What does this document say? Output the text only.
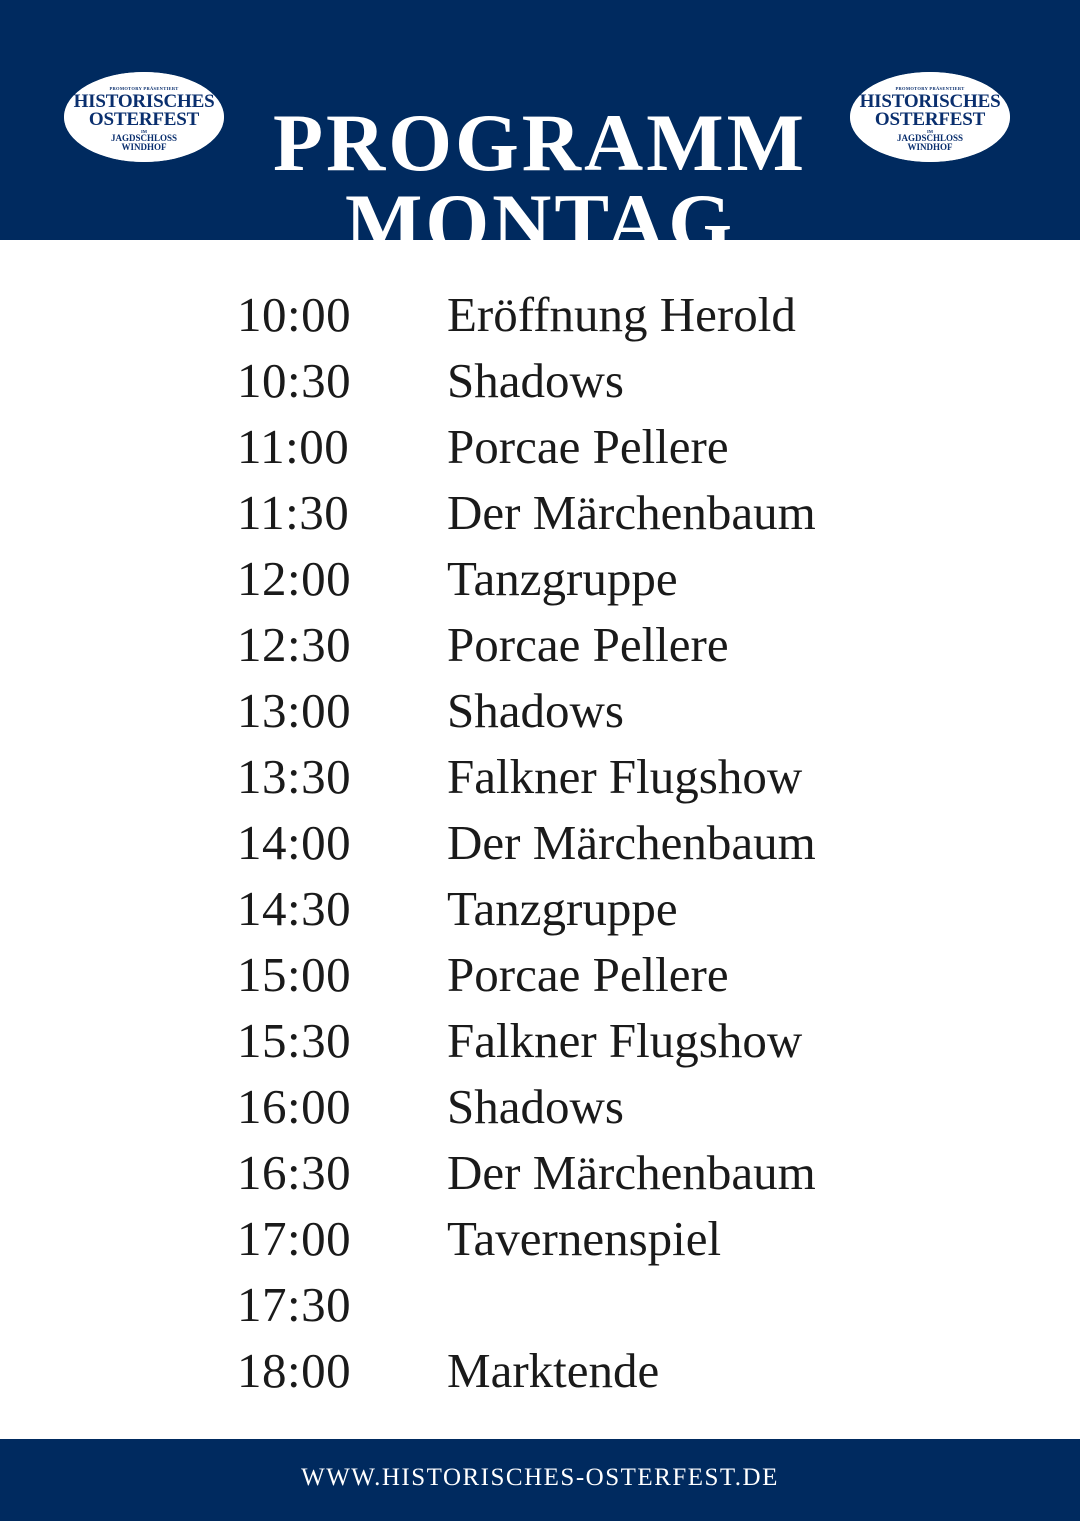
PROMOTORY PRÄSENTIERT
HISTORISCHES
OSTERFEST
IM
JAGDSCHLOSS
WINDHOF	PROGRAMM
MONTAG
PROMOTORY PRÄSENTIERT
HISTORISCHES
OSTERFEST
IM
JAGDSCHLOSS
WINDHOF
10:00 Eröffnung Herold
10:30 Shadows
11:00 Porcae Pellere
11:30 Der Märchenbaum
12:00 Tanzgruppe
12:30 Porcae Pellere
13:00 Shadows
13:30 Falkner Flugshow
14:00 Der Märchenbaum
14:30 Tanzgruppe
15:00 Porcae Pellere
15:30 Falkner Flugshow
16:00 Shadows
16:30 Der Märchenbaum
17:00 Tavernenspiel
17:30
18:00 Marktende
WWW.HISTORISCHES-OSTERFEST.DE
